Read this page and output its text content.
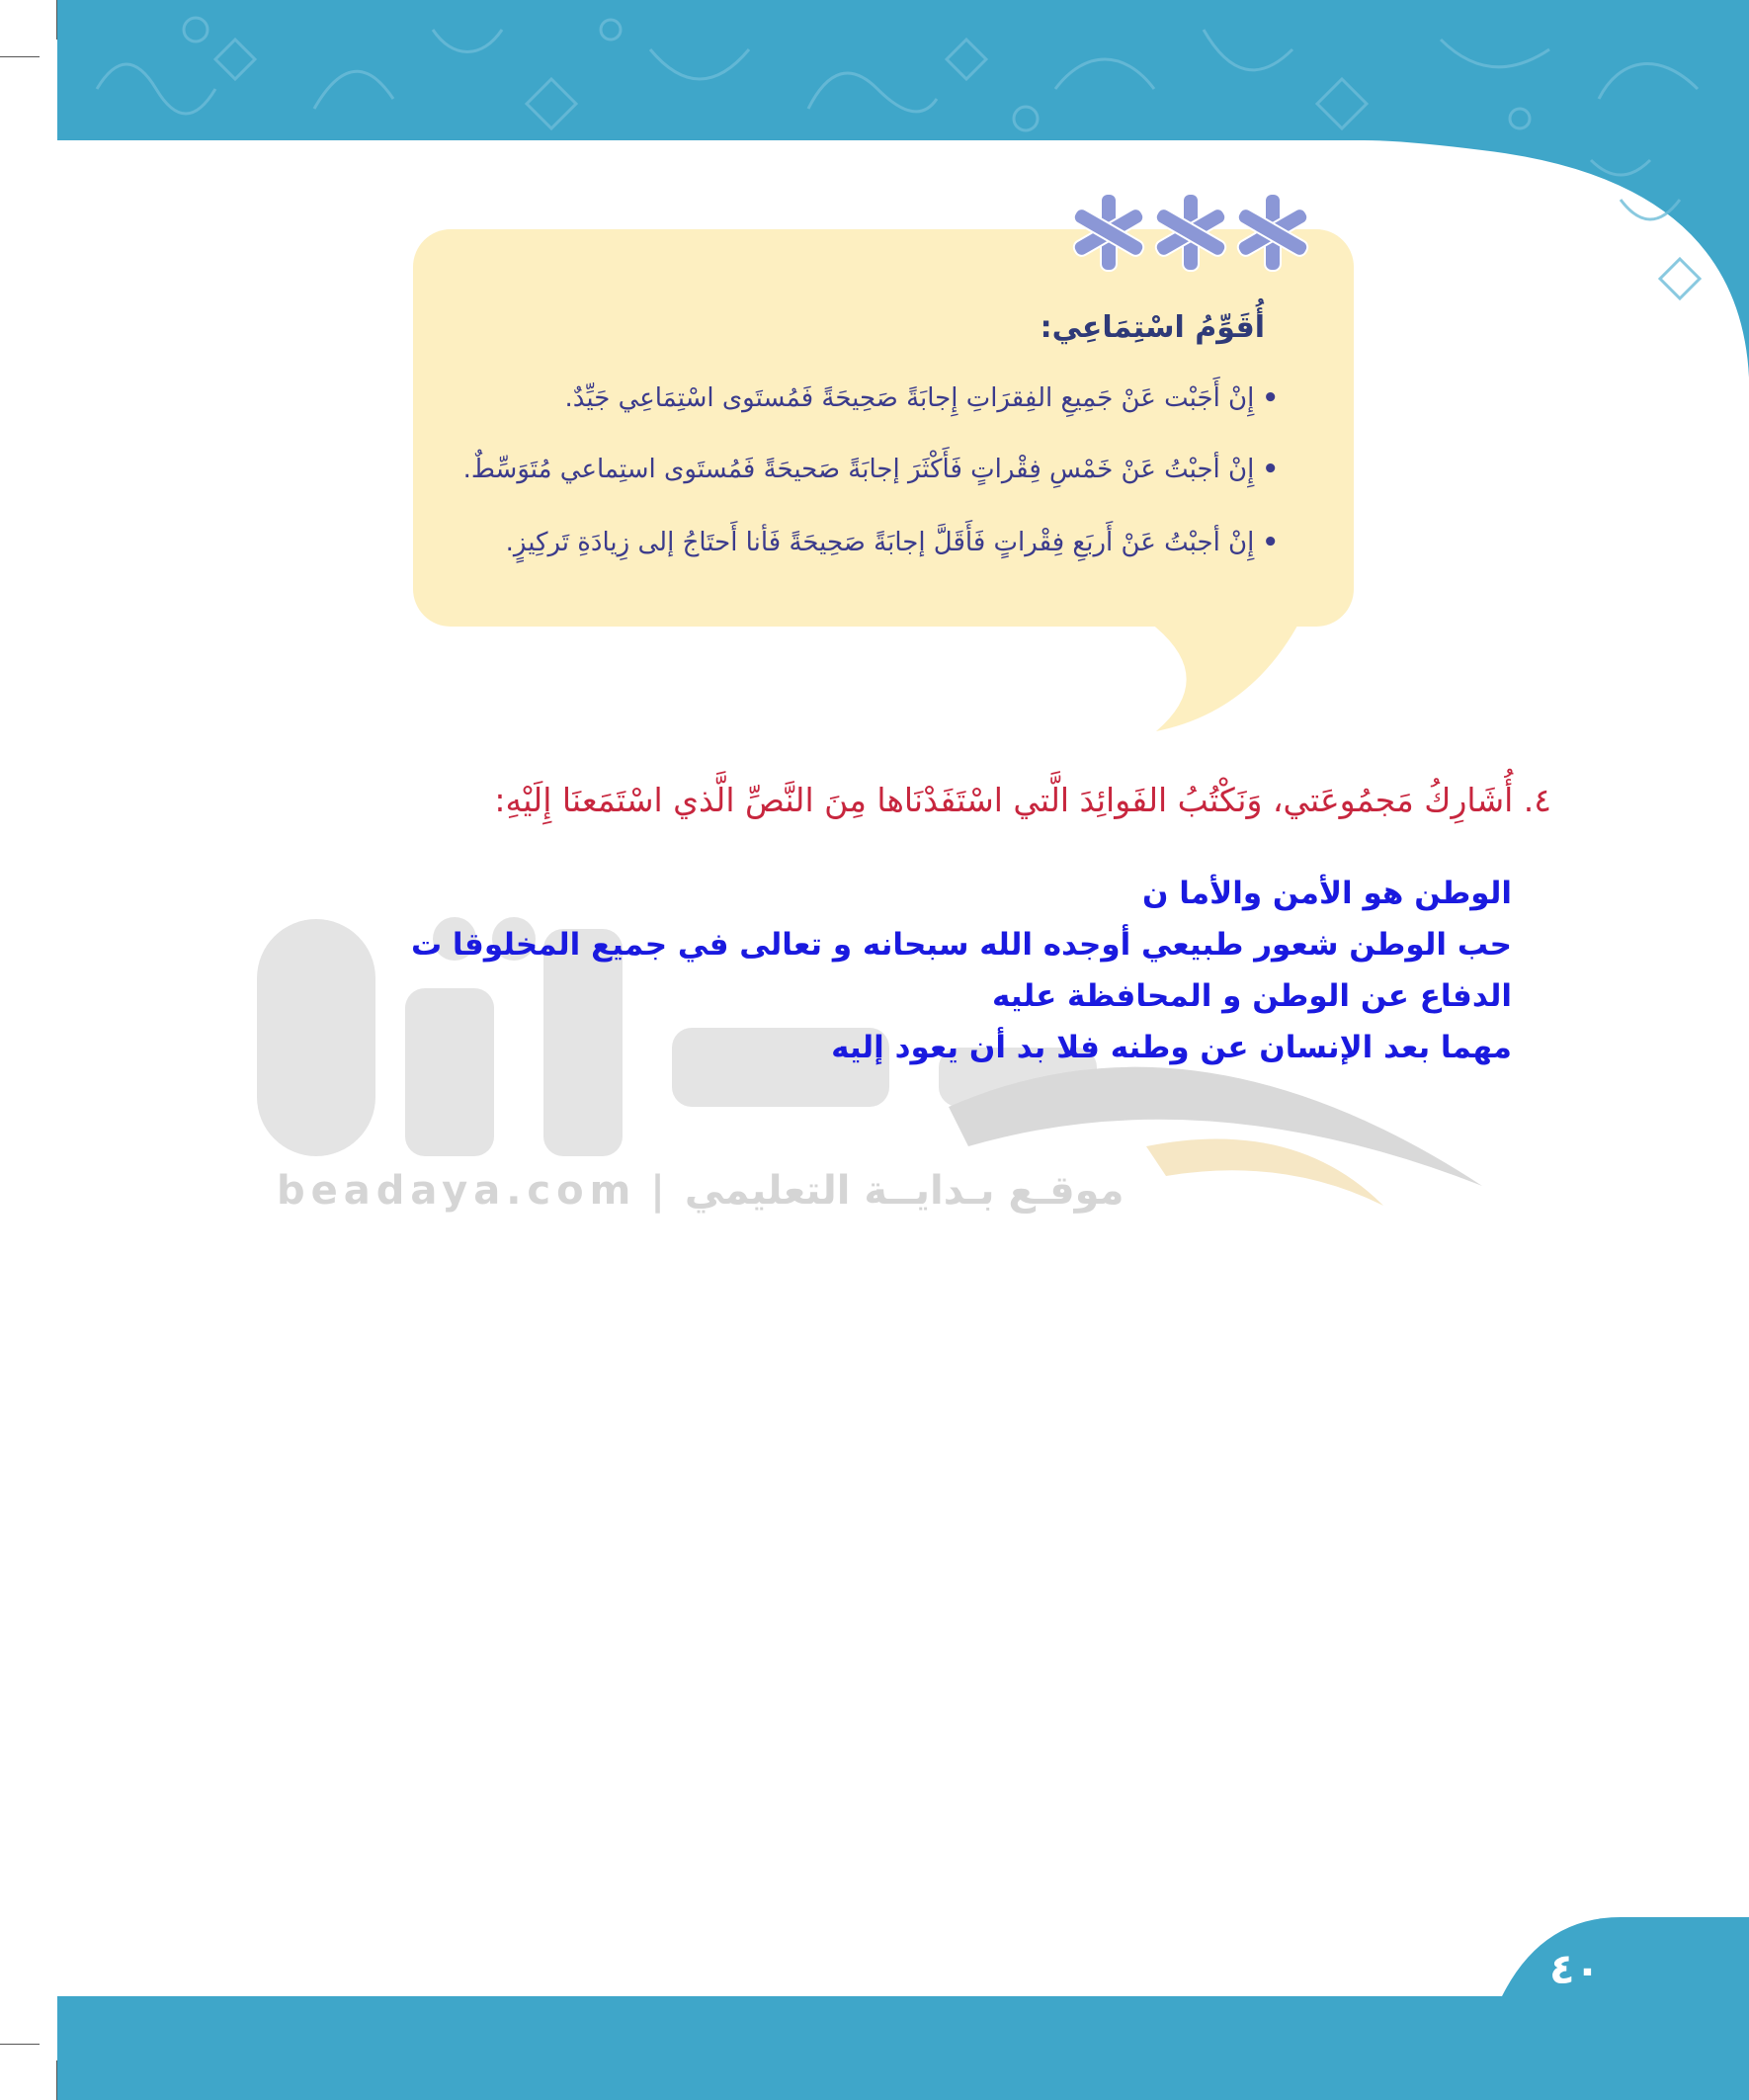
أُقَوِّمُ اسْتِمَاعِي:
•إِنْ أَجَبْت عَنْ جَمِيعِ الفِقرَاتِ إِجابَةً صَحِيحَةً فَمُستَوى اسْتِمَاعِي جَيِّدٌ.
•إِنْ أجبْتُ عَنْ خَمْسِ فِقْراتٍ فَأَكْثَرَ إجابَةً صَحيحَةً فَمُستَوى استِماعي مُتَوَسِّطٌ.
•إِنْ أجبْتُ عَنْ أَربَعِ فِقْراتٍ فَأَقَلَّ إجابَةً صَحِيحَةً فَأنا أَحتَاجُ إلى زِيادَةِ تَركِيزٍ.
٤. أُشَارِكُ مَجمُوعَتي، وَنَكْتُبُ الفَوائِدَ الَّتي اسْتَفَدْنَاها مِنَ النَّصِّ الَّذي اسْتَمَعنَا إِلَيْهِ:
beadaya.com | موقـع بـدايــة التعليمي
الوطن هو الأمن والأما ن
حب الوطن شعور طبيعي أوجده الله سبحانه و تعالى في جميع المخلوقا ت
الدفاع عن الوطن و المحافظة عليه
مهما بعد الإنسان عن وطنه فلا بد أن يعود إليه
٤٠
